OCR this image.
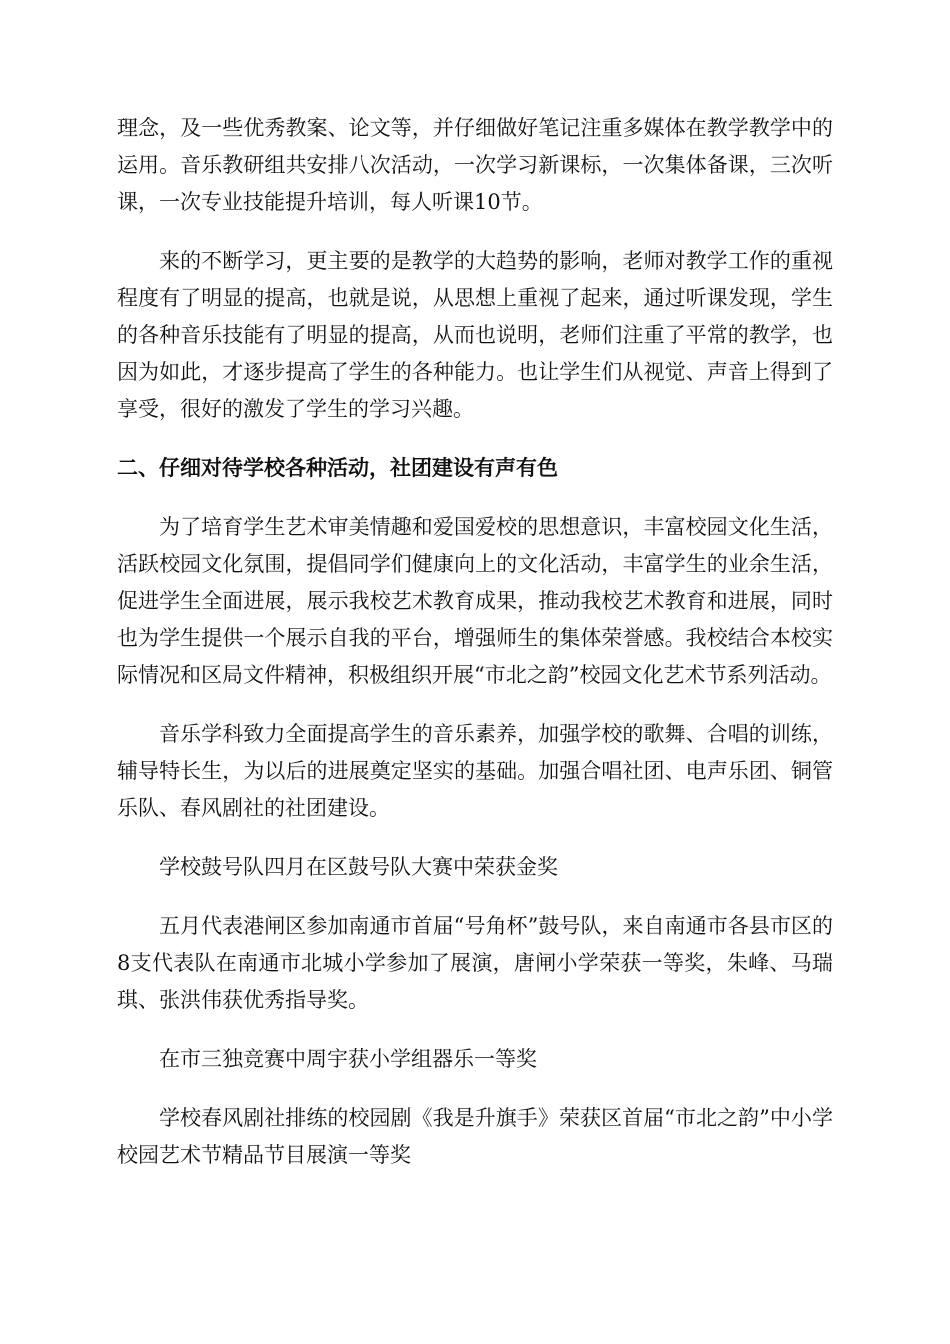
理念，及一些优秀教案、论文等，并仔细做好笔记注重多媒体在教学教学中的运用。音乐教研组共安排八次活动，一次学习新课标，一次集体备课，三次听课，一次专业技能提升培训，每人听课10节。

来的不断学习，更主要的是教学的大趋势的影响，老师对教学工作的重视程度有了明显的提高，也就是说，从思想上重视了起来，通过听课发现，学生的各种音乐技能有了明显的提高，从而也说明，老师们注重了平常的教学，也因为如此，才逐步提高了学生的各种能力。也让学生们从视觉、声音上得到了享受，很好的激发了学生的学习兴趣。

二、仔细对待学校各种活动，社团建设有声有色

为了培育学生艺术审美情趣和爱国爱校的思想意识，丰富校园文化生活，活跃校园文化氛围，提倡同学们健康向上的文化活动，丰富学生的业余生活，促进学生全面进展，展示我校艺术教育成果，推动我校艺术教育和进展，同时也为学生提供一个展示自我的平台，增强师生的集体荣誉感。我校结合本校实际情况和区局文件精神，积极组织开展“市北之韵”校园文化艺术节系列活动。

音乐学科致力全面提高学生的音乐素养，加强学校的歌舞、合唱的训练，辅导特长生，为以后的进展奠定坚实的基础。加强合唱社团、电声乐团、铜管乐队、春风剧社的社团建设。

学校鼓号队四月在区鼓号队大赛中荣获金奖

五月代表港闸区参加南通市首届“号角杯”鼓号队，来自南通市各县市区的8支代表队在南通市北城小学参加了展演，唐闸小学荣获一等奖，朱峰、马瑞琪、张洪伟获优秀指导奖。

在市三独竞赛中周宇获小学组器乐一等奖

学校春风剧社排练的校园剧《我是升旗手》荣获区首届“市北之韵”中小学校园艺术节精品节目展演一等奖
